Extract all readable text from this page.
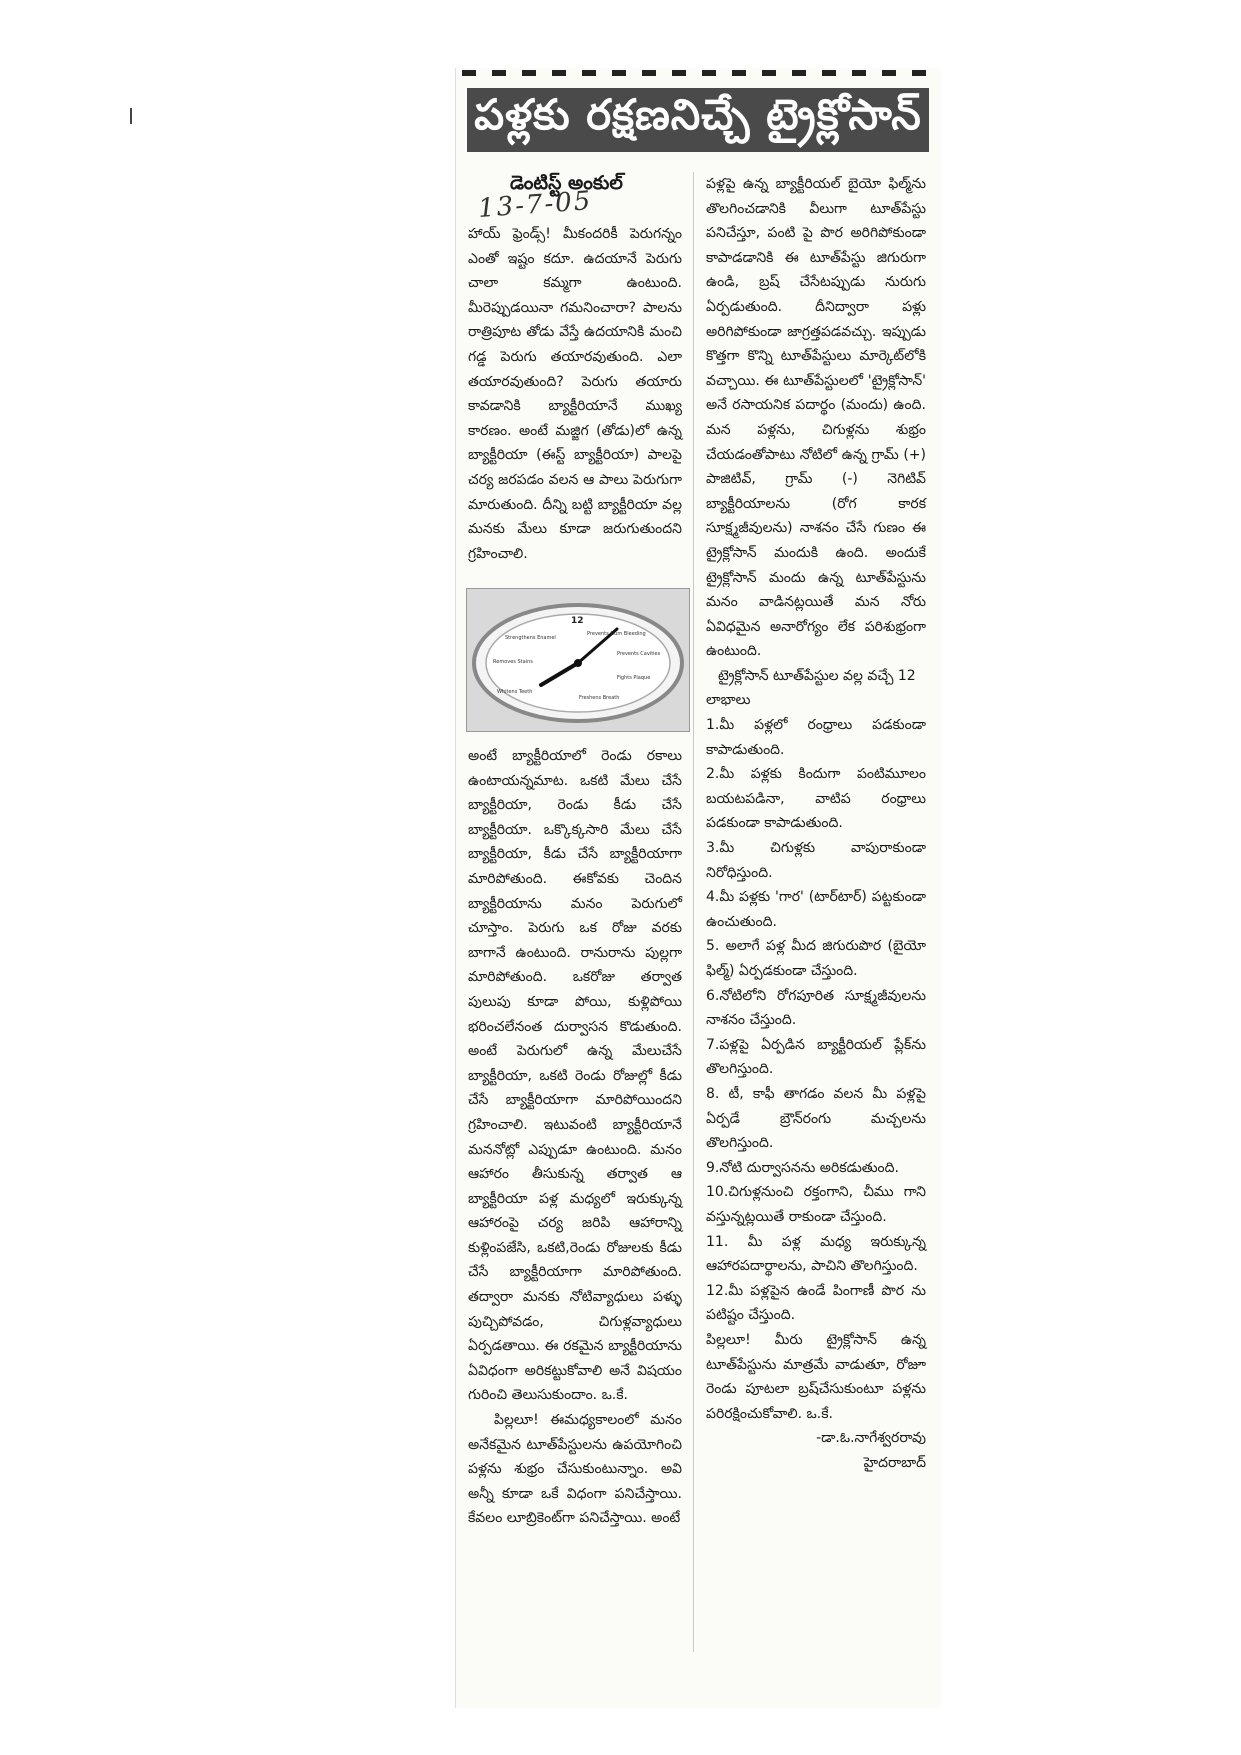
పళ్లకు రక్షణనిచ్చే ట్రైక్లోసాన్
డెంటిస్ట్ అంకుల్
13-7-05

హాయ్ ఫ్రెండ్స్! మీకందరికీ పెరుగన్నం ఎంతో ఇష్టం కదూ. ఉదయానే పెరుగు చాలా కమ్మగా ఉంటుంది. మీరెప్పుడయినా గమనించారా? పాలను రాత్రిపూట తోడు వేస్తే ఉదయానికి మంచి గడ్డ పెరుగు తయారవుతుంది. ఎలా తయారవుతుంది? పెరుగు తయారు కావడానికి బ్యాక్టీరియానే ముఖ్య కారణం. అంటే మజ్జిగ (తోడు)లో ఉన్న బ్యాక్టీరియా (ఈస్ట్ బ్యాక్టీరియా) పాలపై చర్య జరపడం వలన ఆ పాలు పెరుగుగా మారుతుంది. దీన్ని బట్టి బ్యాక్టీరియా వల్ల మనకు మేలు కూడా జరుగుతుందని గ్రహించాలి.

12
Prevents Gum Bleeding
Prevents Cavities
Fights Plaque
Freshens Breath
Whitens Teeth
Removes Stains
Strengthens Enamel

అంటే బ్యాక్టీరియాలో రెండు రకాలు ఉంటాయన్నమాట. ఒకటి మేలు చేసే బ్యాక్టీరియా, రెండు కీడు చేసే బ్యాక్టీరియా. ఒక్కొక్కసారి మేలు చేసే బ్యాక్టీరియా, కీడు చేసే బ్యాక్టీరియాగా మారిపోతుంది. ఈకోవకు చెందిన బ్యాక్టీరియాను మనం పెరుగులో చూస్తాం. పెరుగు ఒక రోజు వరకు బాగానే ఉంటుంది. రానురాను పుల్లగా మారిపోతుంది. ఒకరోజు తర్వాత పులుపు కూడా పోయి, కుళ్లిపోయి భరించలేనంత దుర్వాసన కొడుతుంది. అంటే పెరుగులో ఉన్న మేలుచేసే బ్యాక్టీరియా, ఒకటి రెండు రోజుల్లో కీడు చేసే బ్యాక్టీరియాగా మారిపోయిందని గ్రహించాలి. ఇటువంటి బ్యాక్టీరియానే మననోట్లో ఎప్పుడూ ఉంటుంది. మనం ఆహారం తీసుకున్న తర్వాత ఆ బ్యాక్టీరియా పళ్ల మధ్యలో ఇరుక్కున్న ఆహారంపై చర్య జరిపి ఆహారాన్ని కుళ్లింపజేసి, ఒకటి,రెండు రోజులకు కీడు చేసే బ్యాక్టీరియాగా మారిపోతుంది. తద్వారా మనకు నోటివ్యాధులు పళ్ళు పుచ్చిపోవడం, చిగుళ్లవ్యాధులు ఏర్పడతాయి. ఈ రకమైన బ్యాక్టీరియాను ఏవిధంగా అరికట్టుకోవాలి అనే విషయం గురించి తెలుసుకుందాం. ఒ.కే.

పిల్లలూ! ఈమధ్యకాలంలో మనం అనేకమైన టూత్‌పేస్టులను ఉపయోగించి పళ్లను శుభ్రం చేసుకుంటున్నాం. అవి అన్నీ కూడా ఒకే విధంగా పనిచేస్తాయి. కేవలం లూబ్రికెంట్‌గా పనిచేస్తాయి. అంటే

పళ్లపై ఉన్న బ్యాక్టీరియల్ బైయో ఫిల్మ్‌ను తొలగించడానికి వీలుగా టూత్‌పేస్టు పనిచేస్తూ, పంటి పై పొర అరిగిపోకుండా కాపాడడానికి ఈ టూత్‌పేస్టు జిగురుగా ఉండి, బ్రష్ చేసేటప్పుడు నురుగు ఏర్పడుతుంది. దీనిద్వారా పళ్లు అరిగిపోకుండా జాగ్రత్తపడవచ్చు. ఇప్పుడు కొత్తగా కొన్ని టూత్‌పేస్టులు మార్కెట్‌లోకి వచ్చాయి. ఈ టూత్‌పేస్టులలో 'ట్రైక్లోసాన్' అనే రసాయనిక పదార్థం (మందు) ఉంది. మన పళ్లను, చిగుళ్లను శుభ్రం చేయడంతోపాటు నోటిలో ఉన్న గ్రామ్ (+) పాజిటివ్, గ్రామ్ (-) నెగిటివ్ బ్యాక్టీరియాలను (రోగ కారక సూక్ష్మజీవులను) నాశనం చేసే గుణం ఈ ట్రైక్లోసాన్ మందుకి ఉంది. అందుకే ట్రైక్లోసాన్ మందు ఉన్న టూత్‌పేస్టును మనం వాడినట్లయితే మన నోరు ఏవిధమైన అనారోగ్యం లేక పరిశుభ్రంగా ఉంటుంది.

ట్రైక్లోసాన్ టూత్‌పేస్టుల వల్ల వచ్చే 12 లాభాలు

1.మీ పళ్లలో రంధ్రాలు పడకుండా కాపాడుతుంది.

2.మీ పళ్లకు కిందుగా పంటిమూలం బయటపడినా, వాటిప రంధ్రాలు పడకుండా కాపాడుతుంది.

3.మీ చిగుళ్లకు వాపురాకుండా నిరోధిస్తుంది.

4.మీ పళ్లకు 'గార' (టార్‌టార్) పట్టకుండా ఉంచుతుంది.

5. అలాగే పళ్ల మీద జిగురుపొర (బైయో ఫిల్మ్) ఏర్పడకుండా చేస్తుంది.

6.నోటిలోని రోగపూరిత సూక్ష్మజీవులను నాశనం చేస్తుంది.

7.పళ్లపై ఏర్పడిన బ్యాక్టీరియల్ ప్లేక్‌ను తొలగిస్తుంది.

8. టీ, కాఫీ తాగడం వలన మీ పళ్లపై ఏర్పడే బ్రౌన్‌రంగు మచ్చలను తొలగిస్తుంది.

9.నోటి దుర్వాసనను అరికడుతుంది.

10.చిగుళ్లనుంచి రక్తంగాని, చీము గాని వస్తున్నట్లయితే రాకుండా చేస్తుంది.

11. మీ పళ్ల మధ్య ఇరుక్కున్న ఆహారపదార్థాలను, పాచిని తొలగిస్తుంది.

12.మీ పళ్లపైన ఉండే పింగాణీ పొర ను పటిష్టం చేస్తుంది.

పిల్లలూ! మీరు ట్రైక్లోసాన్ ఉన్న టూత్‌పేస్టును మాత్రమే వాడుతూ, రోజూ రెండు పూటలా బ్రష్‌చేసుకుంటూ పళ్లను పరిరక్షించుకోవాలి. ఒ.కే.

-డా.ఓ.నాగేశ్వరరావు

హైదరాబాద్
